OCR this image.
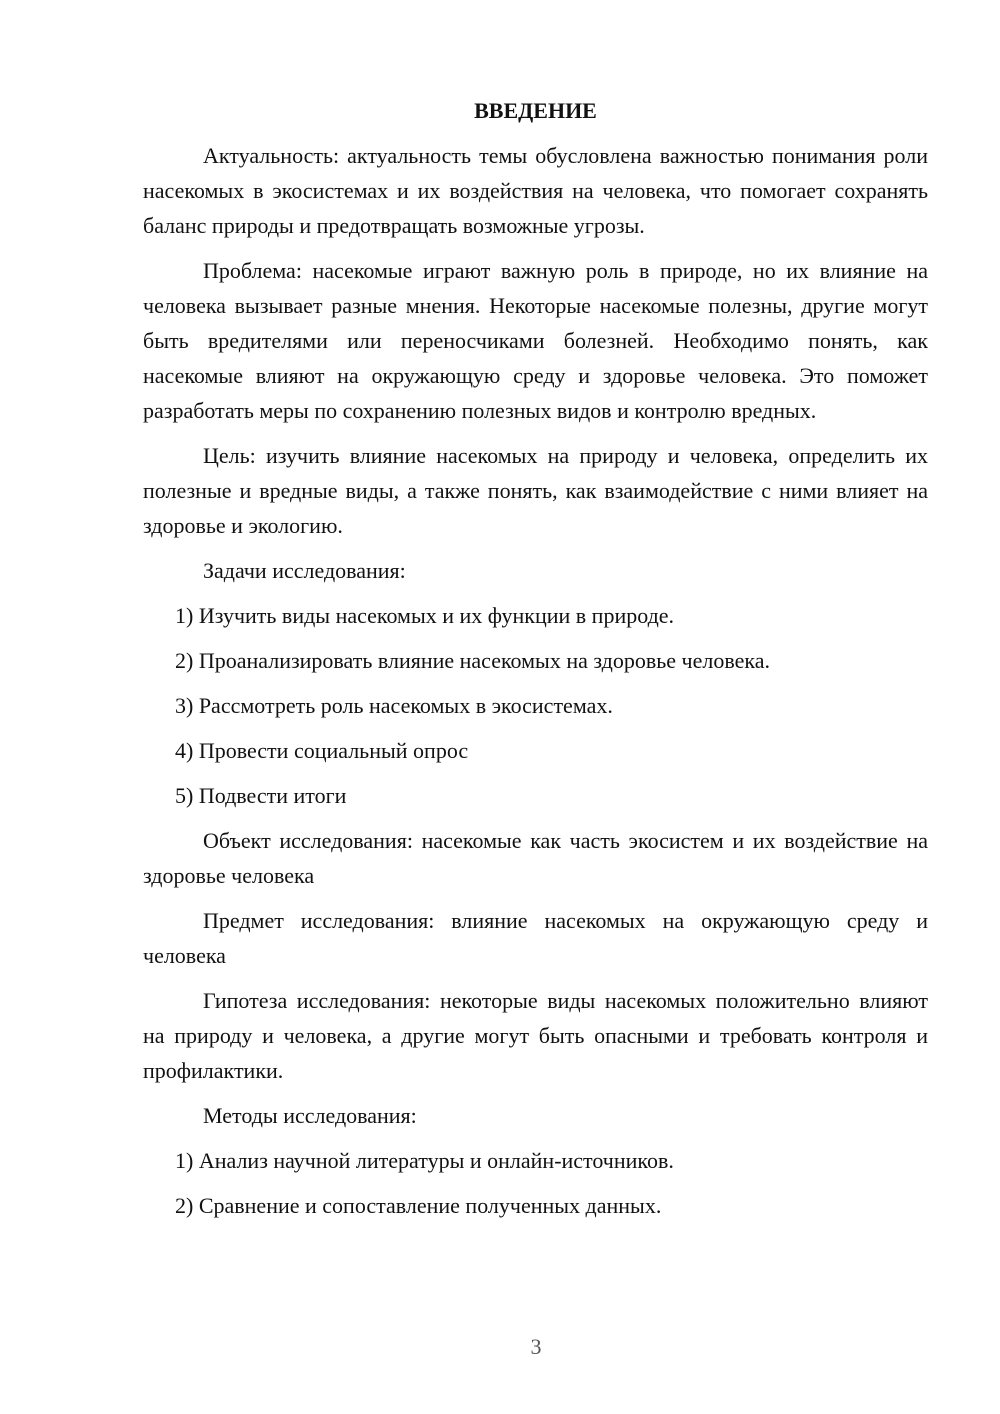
ВВЕДЕНИЕ

Актуальность: актуальность темы обусловлена важностью понимания роли насекомых в экосистемах и их воздействия на человека, что помогает сохранять баланс природы и предотвращать возможные угрозы.

Проблема: насекомые играют важную роль в природе, но их влияние на человека вызывает разные мнения. Некоторые насекомые полезны, другие могут быть вредителями или переносчиками болезней. Необходимо понять, как насекомые влияют на окружающую среду и здоровье человека. Это поможет разработать меры по сохранению полезных видов и контролю вредных.

Цель: изучить влияние насекомых на природу и человека, определить их полезные и вредные виды, а также понять, как взаимодействие с ними влияет на здоровье и экологию.

Задачи исследования:

1) Изучить виды насекомых и их функции в природе.

2) Проанализировать влияние насекомых на здоровье человека.

3) Рассмотреть роль насекомых в экосистемах.

4) Провести социальный опрос

5) Подвести итоги

Объект исследования: насекомые как часть экосистем и их воздействие на здоровье человека

Предмет исследования: влияние насекомых на окружающую среду и человека

Гипотеза исследования: некоторые виды насекомых положительно влияют на природу и человека, а другие могут быть опасными и требовать контроля и профилактики.

Методы исследования:

1) Анализ научной литературы и онлайн-источников.

2) Сравнение и сопоставление полученных данных.

3
